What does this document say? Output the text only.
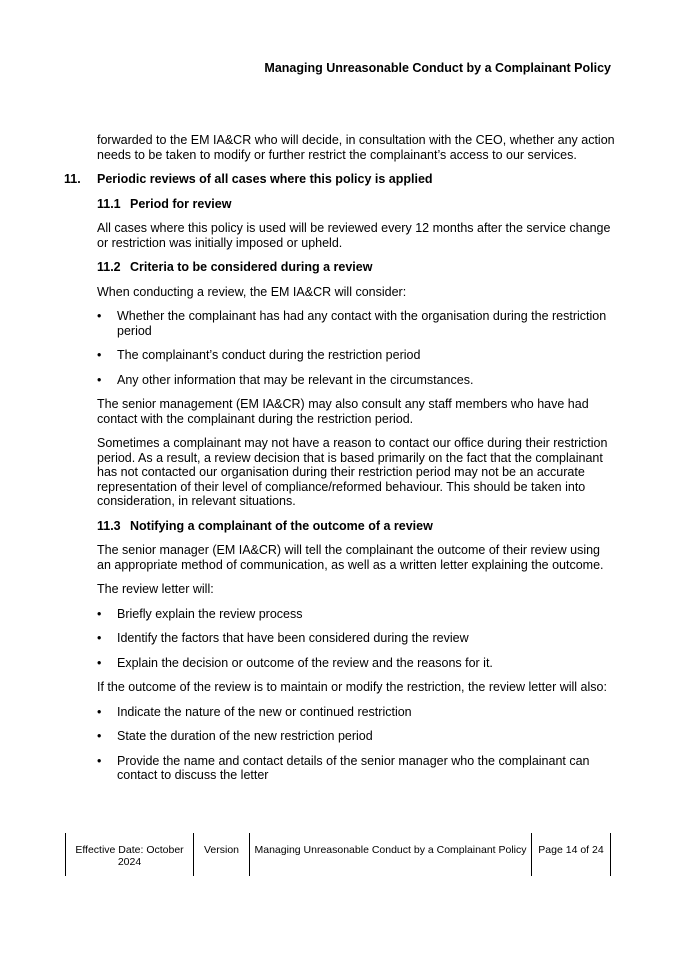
Managing Unreasonable Conduct by a Complainant Policy

forwarded to the EM IA&CR who will decide, in consultation with the CEO, whether any action needs to be taken to modify or further restrict the complainant’s access to our services.

11. Periodic reviews of all cases where this policy is applied
11.1 Period for review

All cases where this policy is used will be reviewed every 12 months after the service change or restriction was initially imposed or upheld.

11.2 Criteria to be considered during a review

When conducting a review, the EM IA&CR will consider:

• Whether the complainant has had any contact with the organisation during the restriction period
• The complainant’s conduct during the restriction period
• Any other information that may be relevant in the circumstances.

The senior management (EM IA&CR) may also consult any staff members who have had contact with the complainant during the restriction period.

Sometimes a complainant may not have a reason to contact our office during their restriction period. As a result, a review decision that is based primarily on the fact that the complainant has not contacted our organisation during their restriction period may not be an accurate representation of their level of compliance/reformed behaviour. This should be taken into consideration, in relevant situations.

11.3 Notifying a complainant of the outcome of a review

The senior manager (EM IA&CR) will tell the complainant the outcome of their review using an appropriate method of communication, as well as a written letter explaining the outcome.

The review letter will:

• Briefly explain the review process
• Identify the factors that have been considered during the review
• Explain the decision or outcome of the review and the reasons for it.

If the outcome of the review is to maintain or modify the restriction, the review letter will also:

• Indicate the nature of the new or continued restriction
• State the duration of the new restriction period
• Provide the name and contact details of the senior manager who the complainant can contact to discuss the letter
Effective Date: October 2024
Version	Managing Unreasonable Conduct by a Complainant Policy	Page 14 of 24
